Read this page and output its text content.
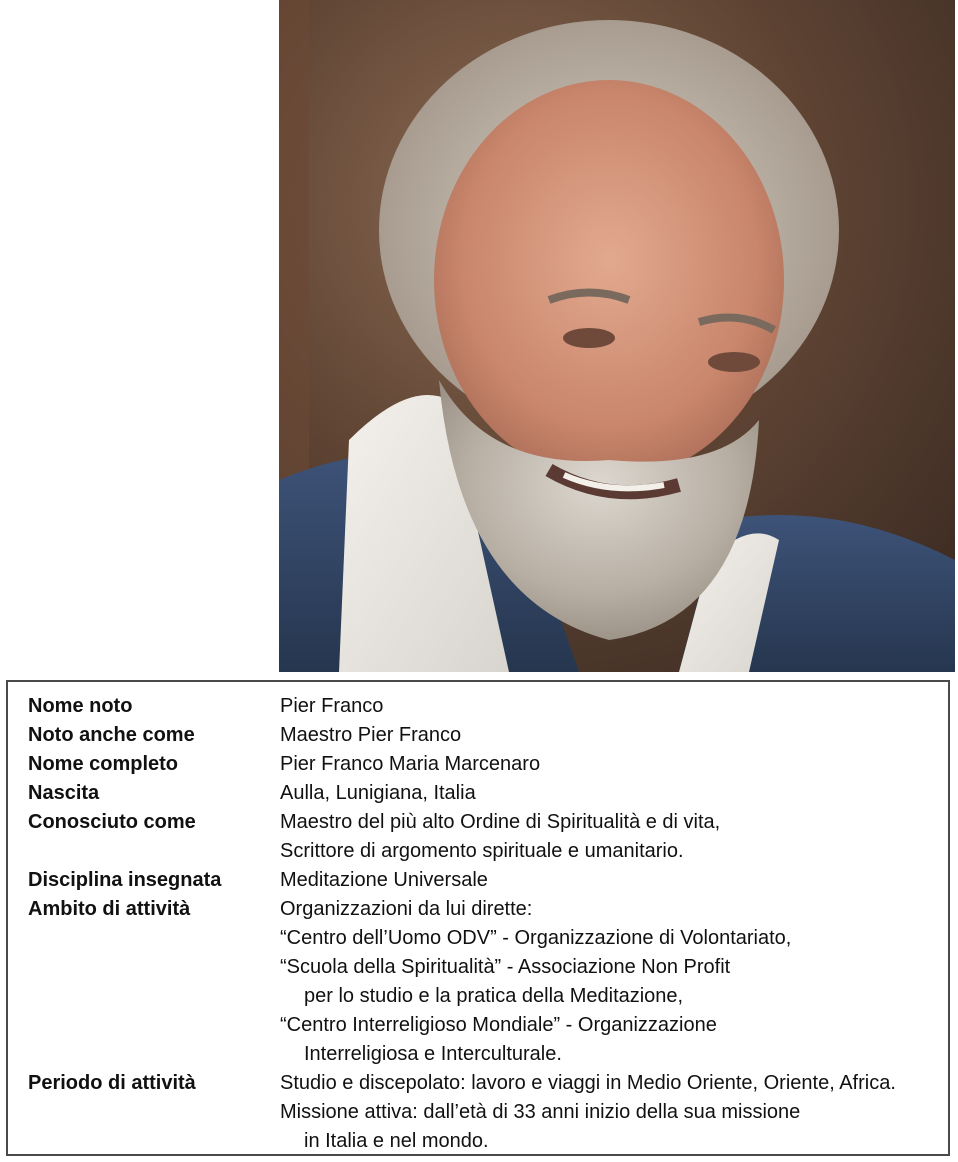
Nome noto	Pier Franco
Noto anche come	Maestro Pier Franco
Nome completo	Pier Franco Maria Marcenaro
Nascita	Aulla, Lunigiana, Italia
Conosciuto come	Maestro del più alto Ordine di Spiritualità e di vita,
Scrittore di argomento spirituale e umanitario.
Disciplina insegnata	Meditazione Universale
Ambito di attività	Organizzazioni da lui dirette:
“Centro dell’Uomo ODV” - Organizzazione di Volontariato,
“Scuola della Spiritualità” - Associazione Non Profit
per lo studio e la pratica della Meditazione,
“Centro Interreligioso Mondiale” - Organizzazione
Interreligiosa e Interculturale.
Periodo di attività	Studio e discepolato: lavoro e viaggi in Medio Oriente, Oriente, Africa.
Missione attiva: dall’età di 33 anni inizio della sua missione
in Italia e nel mondo.
